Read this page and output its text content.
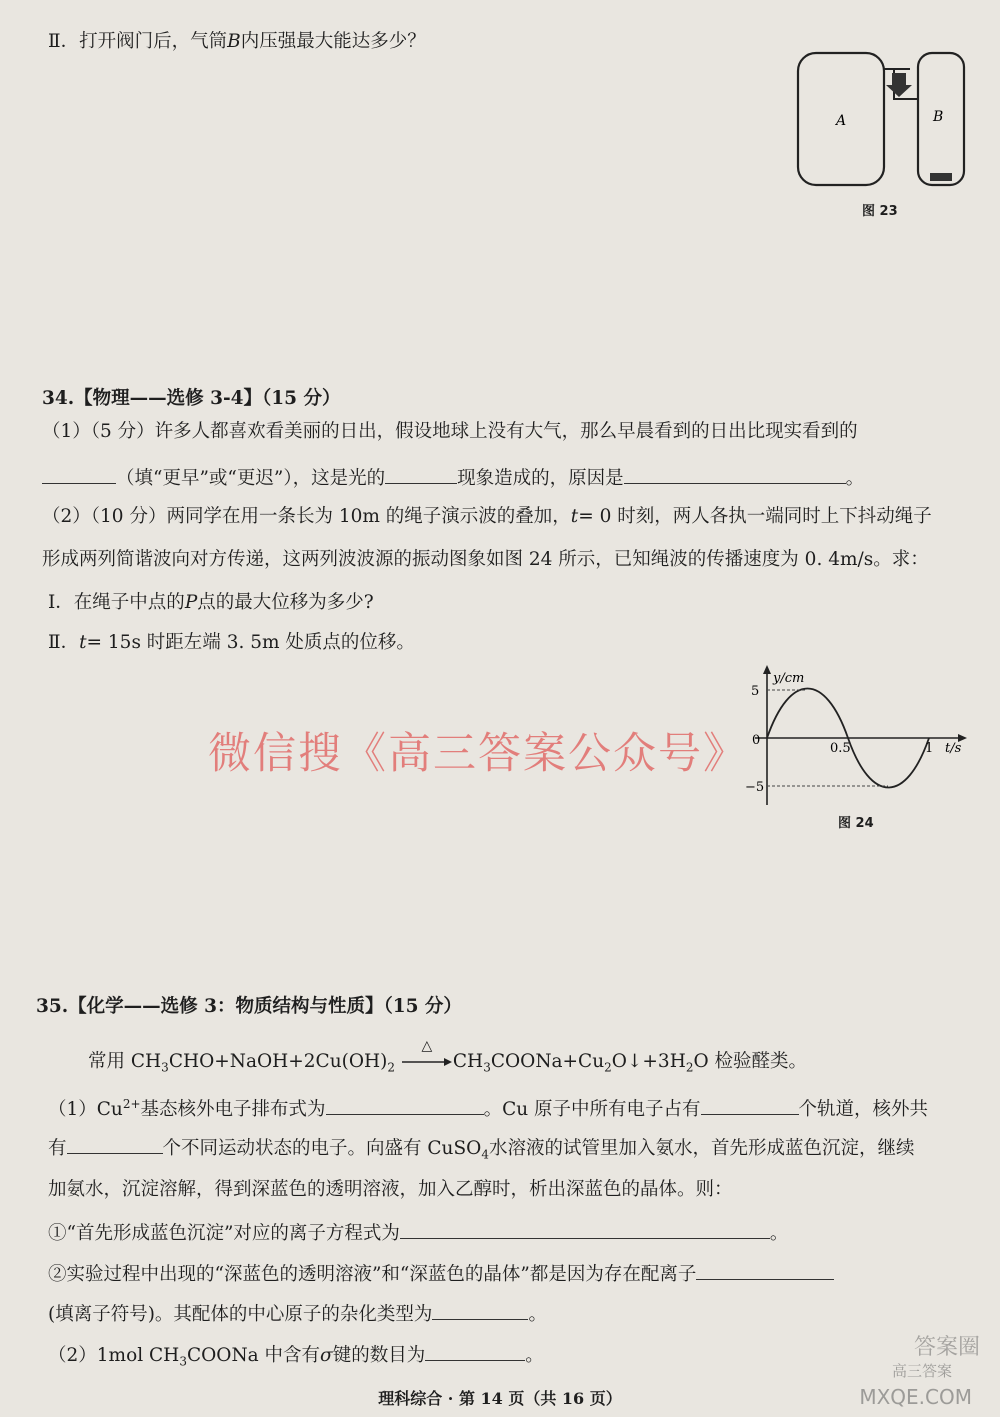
Ⅱ．打开阀门后，气筒B内压强最大能达多少？
A	B
图 23
34.【物理——选修 3-4】（15 分）
（1）（5 分）许多人都喜欢看美丽的日出，假设地球上没有大气，那么早晨看到的日出比现实看到的
（填“更早”或“更迟”），这是光的	现象造成的，原因是	。
（2）（10 分）两同学在用一条长为 10m 的绳子演示波的叠加，t= 0 时刻，两人各执一端同时上下抖动绳子
形成两列简谐波向对方传递，这两列波波源的振动图象如图 24 所示，已知绳波的传播速度为 0. 4m/s。求：
Ⅰ．在绳子中点的P点的最大位移为多少?
Ⅱ．t= 15s 时距左端 3. 5m 处质点的位移。
y/cm
5
−5
0
0.5	1 t/s
图 24
微信搜《高三答案公众号》
35.【化学——选修 3：物质结构与性质】（15 分）
常用 $CH_3CHO+NaOH+2Cu(OH)_2$
△
$CH_3COONa+Cu_2O↓+3H_2O$ 检验醛类。
$(1)Cu^{2+}$基态核外电子排布式为	。Cu 原子中所有电子占有	个轨道，核外共
有	个不同运动状态的电子。向盛有 CuSO$_4$水溶液的试管里加入氨水，首先形成蓝色沉淀，继续
加氨水，沉淀溶解，得到深蓝色的透明溶液，加入乙醇时，析出深蓝色的晶体。则：
①“首先形成蓝色沉淀”对应的离子方程式为	。
②实验过程中出现的“深蓝色的透明溶液”和“深蓝色的晶体”都是因为存在配离子
(填离子符号)。其配体的中心原子的杂化类型为	。
（2）1mol $CH_3COONa$ 中含有σ键的数目为	。
理科综合 · 第 14 页（共 16 页）
答案圈
高三答案
MXQE.COM
